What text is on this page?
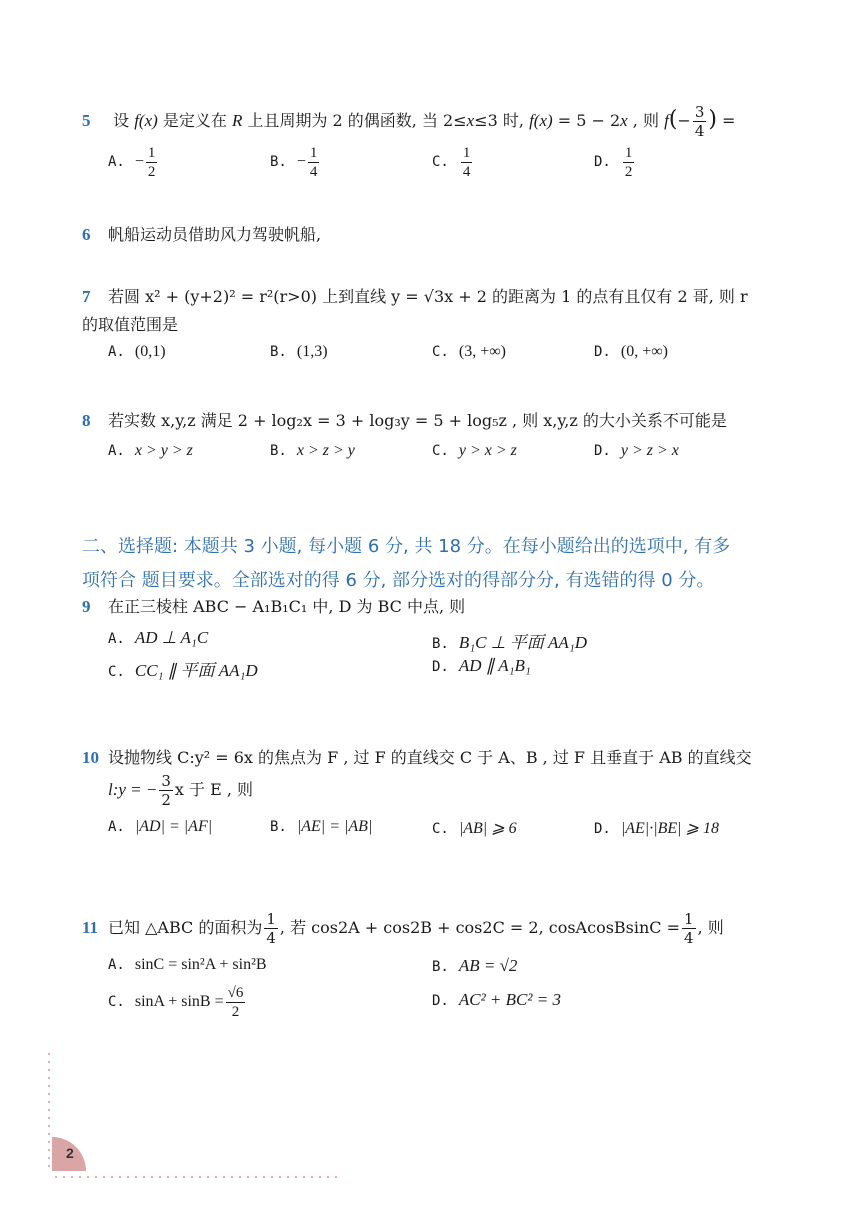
5 设 f(x) 是定义在 R 上且周期为 2 的偶函数, 当 2≤x≤3 时, f(x) = 5 − 2x , 则 $f(- \frac{3}{4}$ ) =
A. − $\frac{1}{2}$	B. − $\frac{1}{4}$	C. $\frac{1}{4}$	D. $\frac{1}{2}$
6 帆船运动员借助风力驾驶帆船,
7 若圆 x² + (y+2)² = r²(r>0) 上到直线 y = √3x + 2 的距离为 1 的点有且仅有 2 哥, 则 r
的取值范围是
A. (0,1)	B. (1,3)	C. (3, +∞)	D. (0, +∞)
8 若实数 x,y,z 满足 2 + log₂x = 3 + log₃y = 5 + log₅z , 则 x,y,z 的大小关系不可能是
A. x > y > z	B. x > z > y	C. y > x > z	D. y > z > x
二、选择题: 本题共 3 小题, 每小题 6 分, 共 18 分。在每小题给出的选项中, 有多
项符合 题目要求。全部选对的得 6 分, 部分选对的得部分分, 有选错的得 0 分。
9 在正三棱柱 ABC − A₁B₁C₁ 中, D 为 BC 中点, 则
A. AD ⊥ A₁C	B. B₁C ⊥ 平面 AA₁D
C. CC₁ ∥ 平面 AA₁D	D. AD ∥ A₁B₁
10 设抛物线 C:y² = 6x 的焦点为 F , 过 F 的直线交 C 于 A、B , 过 F 且垂直于 AB 的直线交
l:y = − $\frac{3}{2}$ x 于 E , 则
A. |AD| = |AF|	B. |AE| = |AB|	C. |AB| ⩾ 6	D. |AE|·|BE| ⩾ 18
11 已知 △ABC 的面积为 $\frac{1}{4}$ , 若 cos2A + cos2B + cos2C = 2, cosAcosBsinC = $\frac{1}{4}$ , 则
A. sinC = sin²A + sin²B	B. AB = √2
C. $\sin A + \sin B = \frac{√6}{2}$	D. AC² + BC² = 3
2
